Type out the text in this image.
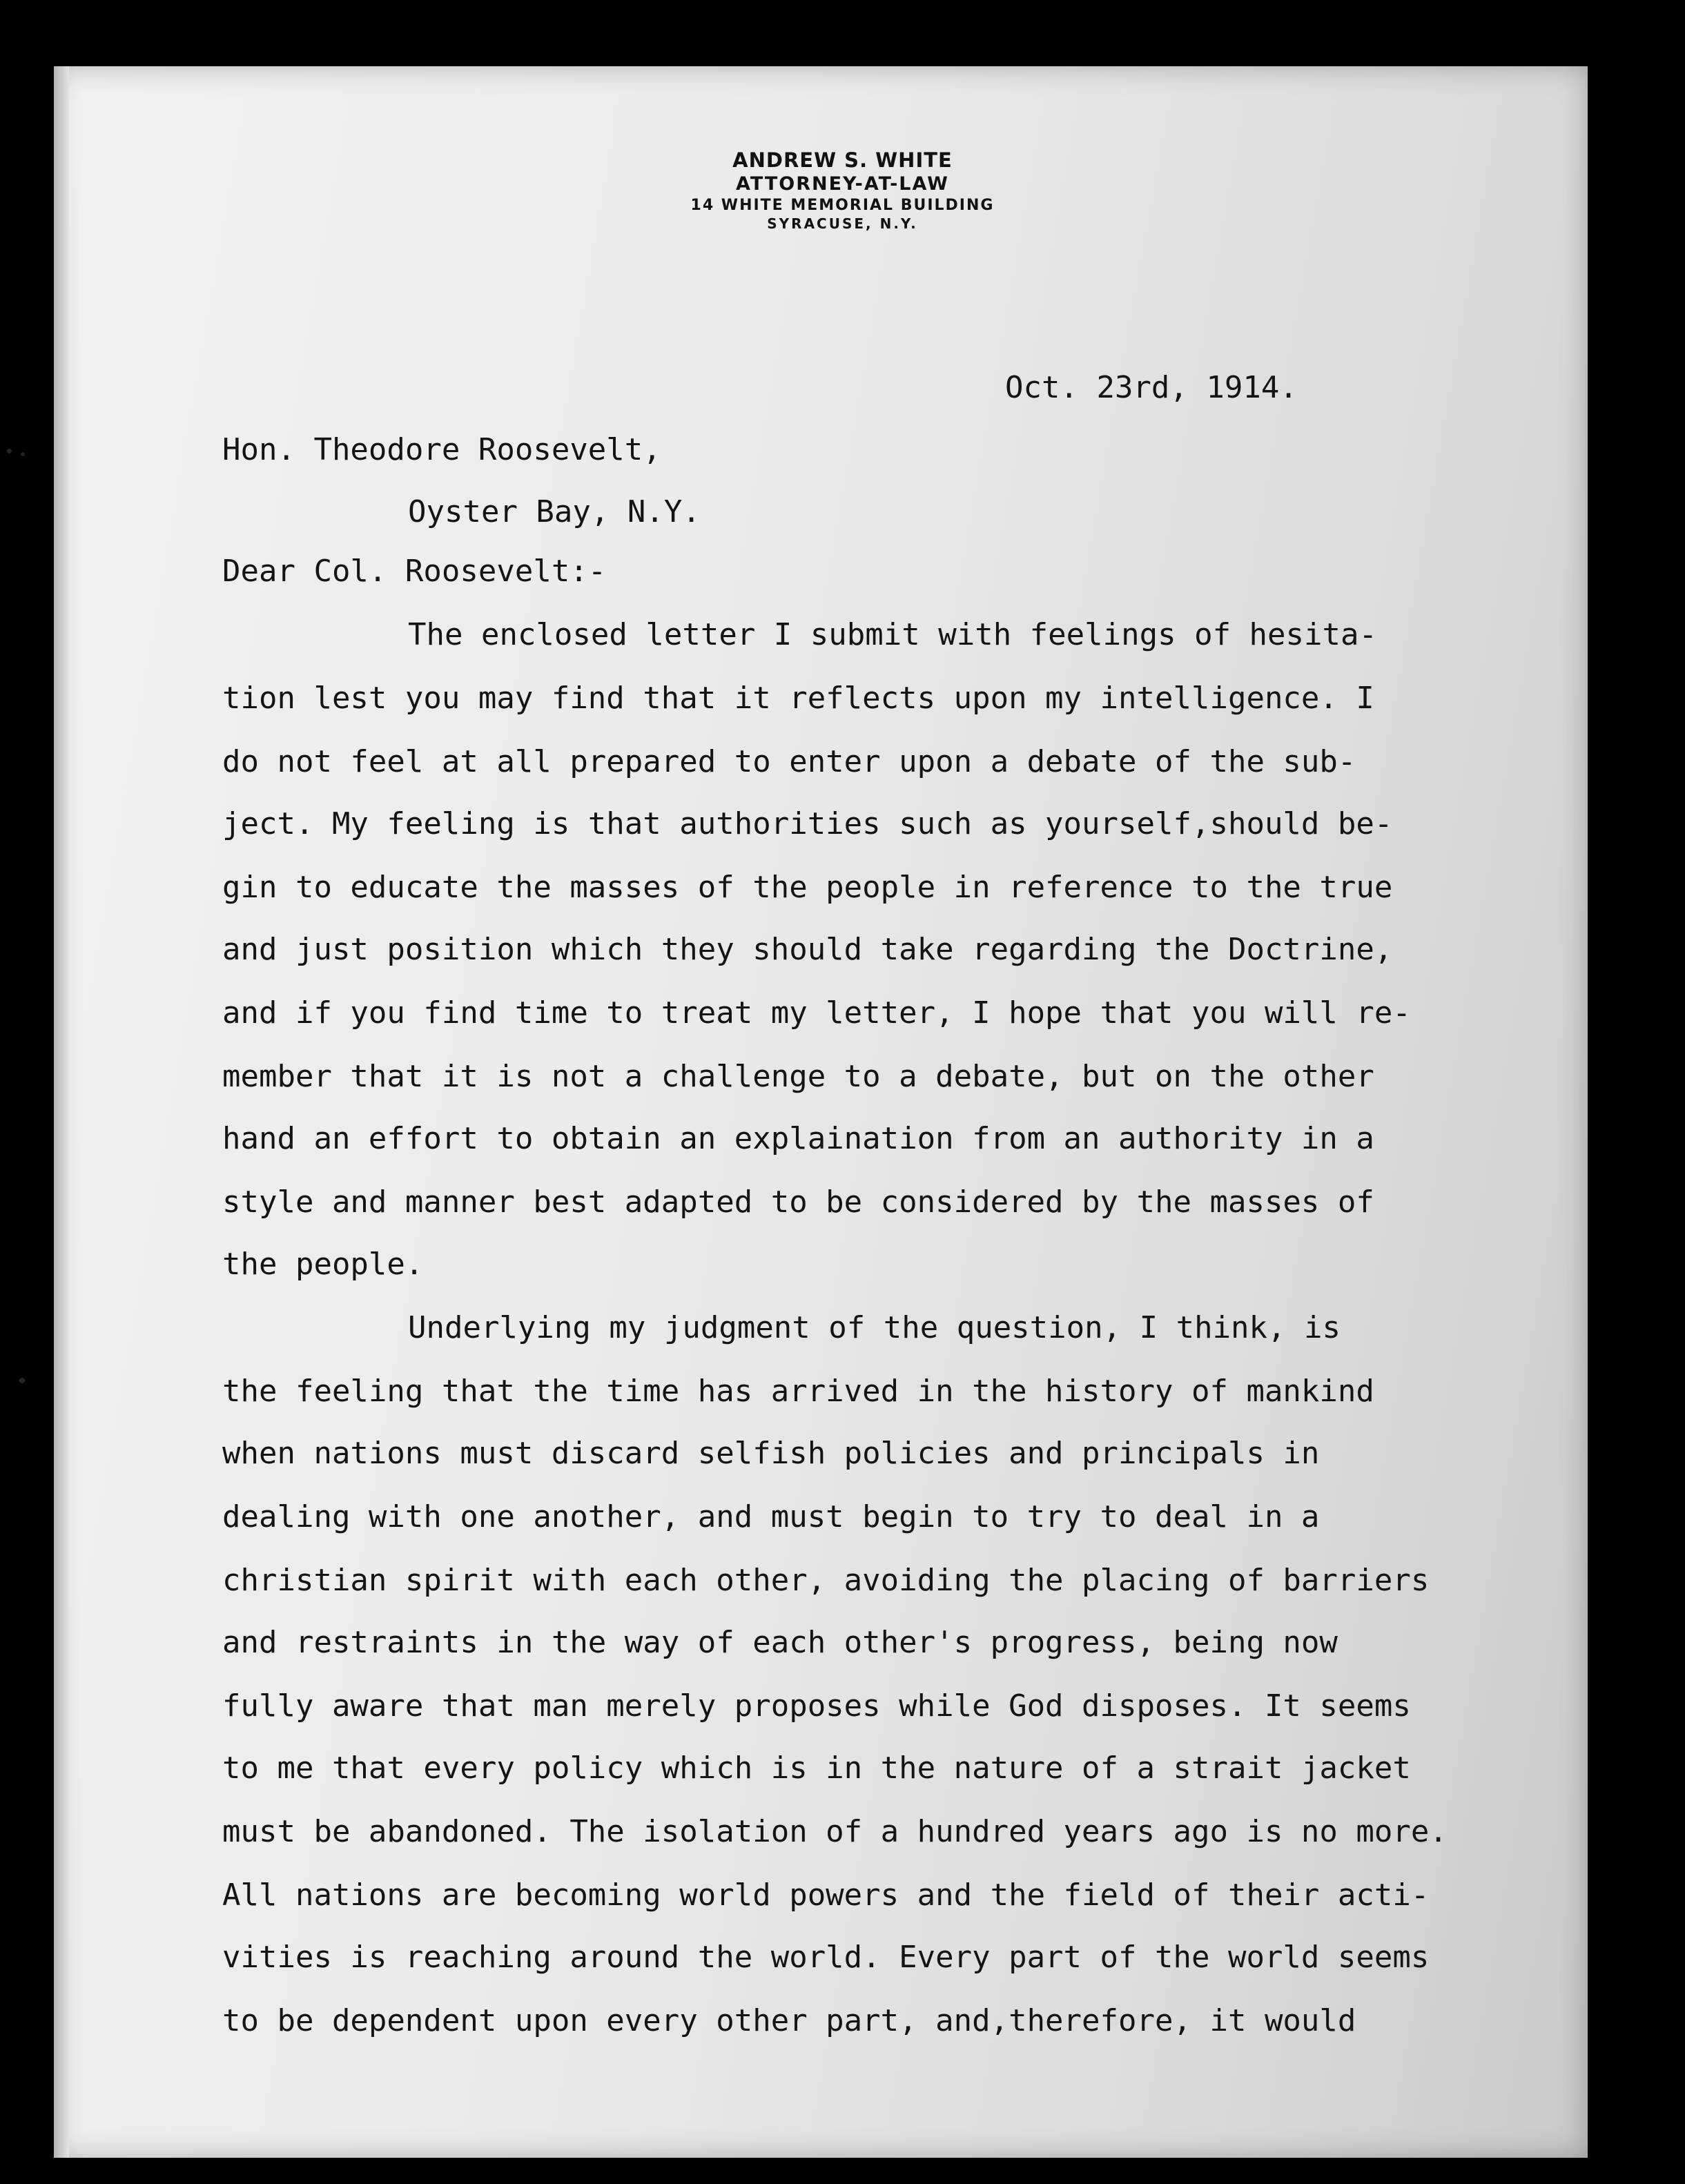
ANDREW S. WHITE
ATTORNEY-AT-LAW
14 WHITE MEMORIAL BUILDING
SYRACUSE, N.Y.
Oct. 23rd, 1914.
Hon. Theodore Roosevelt,
Oyster Bay, N.Y.
Dear Col. Roosevelt:-
The enclosed letter I submit with feelings of hesita-
tion lest you may find that it reflects upon my intelligence. I
do not feel at all prepared to enter upon a debate of the sub-
ject. My feeling is that authorities such as yourself,should be-
gin to educate the masses of the people in reference to the true
and just position which they should take regarding the Doctrine,
and if you find time to treat my letter, I hope that you will re-
member that it is not a challenge to a debate, but on the other
hand an effort to obtain an explaination from an authority in a
style and manner best adapted to be considered by the masses of
the people.
Underlying my judgment of the question, I think, is
the feeling that the time has arrived in the history of mankind
when nations must discard selfish policies and principals in
dealing with one another, and must begin to try to deal in a
christian spirit with each other, avoiding the placing of barriers
and restraints in the way of each other's progress, being now
fully aware that man merely proposes while God disposes. It seems
to me that every policy which is in the nature of a strait jacket
must be abandoned. The isolation of a hundred years ago is no more.
All nations are becoming world powers and the field of their acti-
vities is reaching around the world. Every part of the world seems
to be dependent upon every other part, and,therefore, it would
